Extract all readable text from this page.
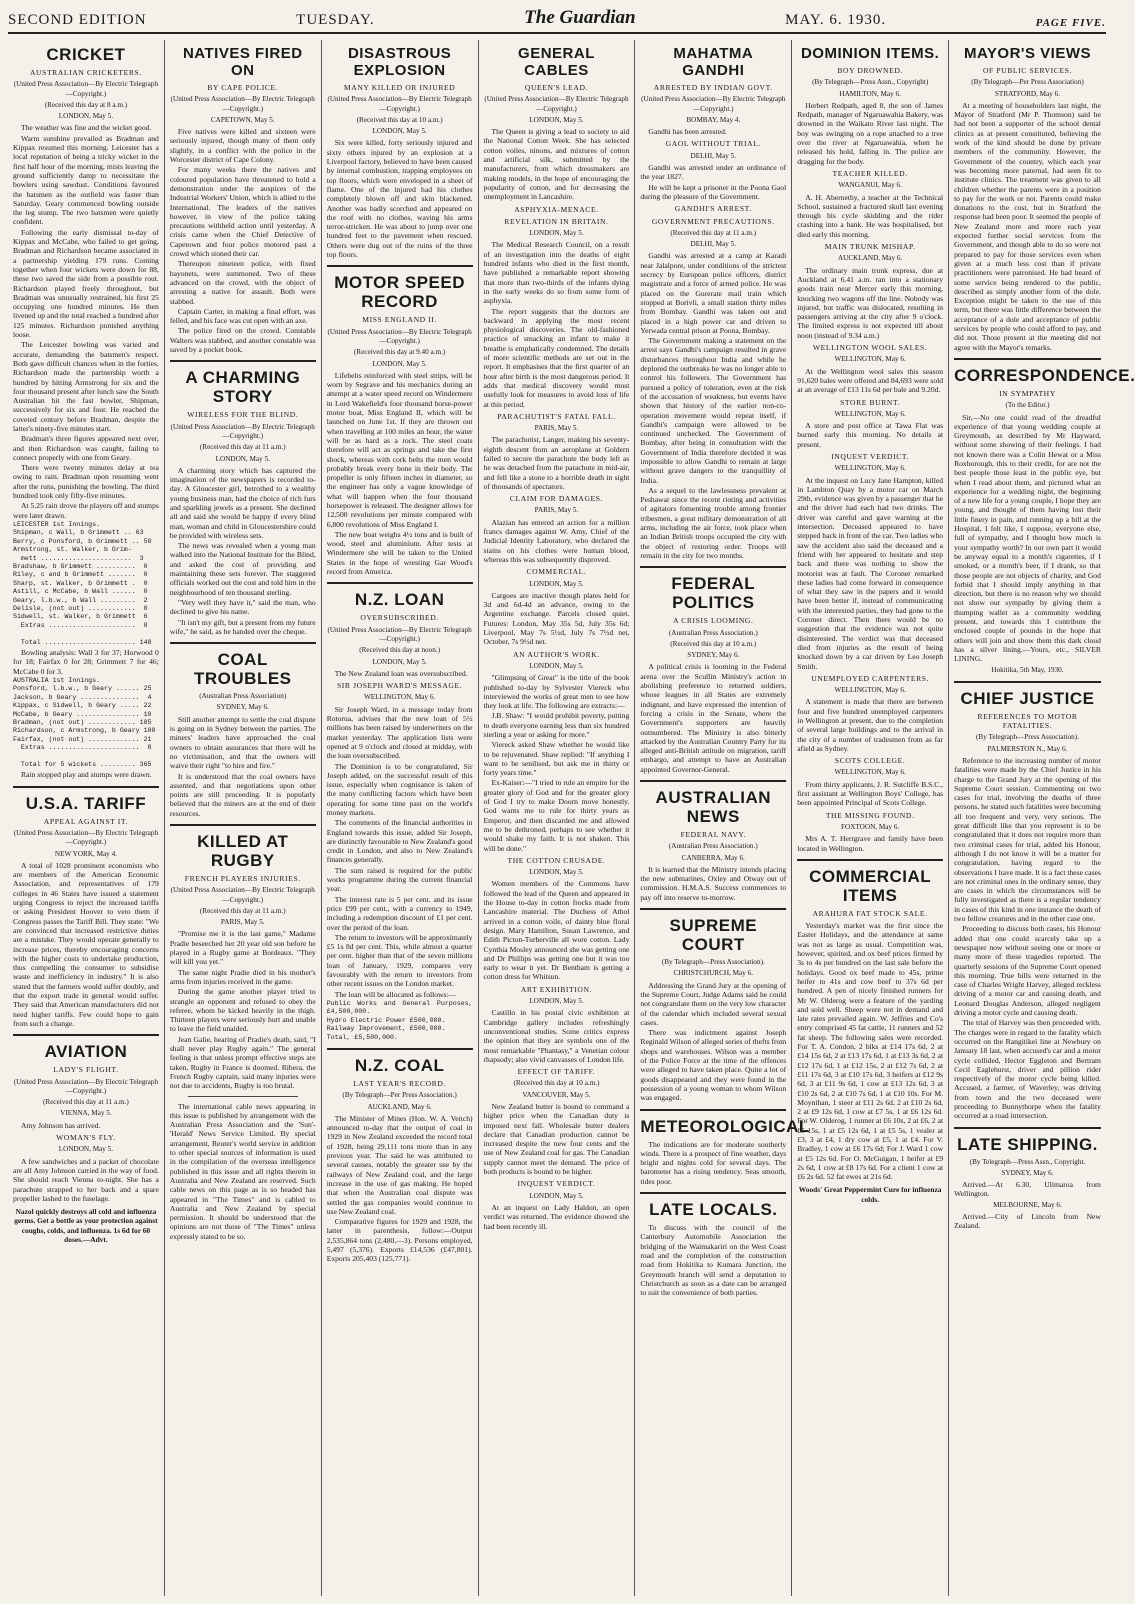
SECOND EDITION	TUESDAY.	The Guardian	MAY. 6. 1930.	PAGE FIVE.
CRICKET
AUSTRALIAN CRICKETERS.
(United Press Association—By Electric Telegraph—Copyright.)
(Received this day at 8 a.m.)
LONDON, May 5.

The weather was fine and the wicket good.

Warm sunshine prevailed as Bradman and Kippax resumed this morning. Leicester has a local reputation of being a tricky wicket in the first half hour of the morning, mists leaving the ground sufficiently damp to necessitate the bowlers using sawdust. Conditions favoured the batsmen as the outfield was faster than Saturday. Geary commenced bowling outside the leg stump. The two batsmen were quietly confident.

Following the early dismissal to-day of Kippax and McCabe, who failed to get going, Bradman and Richardson became associated in a partnership yielding 179 runs. Coming together when four wickets were down for 88, these two saved the side from a possible rout. Richardson played freely throughout, but Bradman was unusually restrained, his first 25 occupying one hundred minutes. He then livened up and the total reached a hundred after 125 minutes. Richardson punished anything loose.

The Leicester bowling was varied and accurate, demanding the batsmen's respect. Both gave difficult chances when in the forties. Richardson made the partnership worth a hundred by hitting Armstrong for six and the four thousand present after lunch saw the South Australian hit the fast bowler, Shipman, successively for six and four. He reached the coveted century before Bradman, despite the latter's ninety-five minutes start.

Bradman's three figures appeared next over, and then Richardson was caught, failing to connect properly with one from Geary.

There were twenty minutes delay at tea owing to rain. Bradman upon resuming went after the runs, punishing the bowling. The third hundred took only fifty-five minutes.

At 5.25 rain drove the players off and stumps were later drawn.

LEICESTER 1st Innings.
Shipman, c Wall, b Grimmett .. 63
Berry, c Ponsford, b Grimmett .. 50
Armstrong, st. Walker, b Grim-
mett .......................  3
Bradshaw, b Grimmett ..........  0
Riley, c and b Grimmett .......  0
Sharp, st. Walker, b Grimmett .  0
Astill, c McCabe, b Wall ......  0
Geary, l.b.w., b Wall .........  2
Delisle, (not out) ............  0
Sidwell, st. Walker, b Grimmett  6
Extras ......................  8

Total ....................... 148

Bowling analysis: Wall 3 for 37; Horwood 0 for 18; Fairfax 0 for 28; Grimmett 7 for 46; McCabe 0 for 3.

AUSTRALIA 1st Innings.
Ponsford, l.b.w., b Geary ...... 25
Jackson, b Geary ...............  4
Kippax, c Sidwell, b Geary ..... 22
McCabe, b Geary ................ 10
Bradman, (not out) ............ 185
Richardson, c Armstrong, b Geary 100
Fairfax, (not out) ............. 21
Extras .......................  8

Total for 5 wickets ......... 365

Rain stopped play and stumps were drawn.

U.S.A. TARIFF
APPEAL AGAINST IT.
(United Press Association—By Electric Telegraph—Copyright.)
NEW YORK, May 4.

A total of 1028 prominent economists who are members of the American Economic Association, and representatives of 179 colleges in 46 States have issued a statement urging Congress to reject the increased tariffs or asking President Hoover to veto them if Congress passes the Tariff Bill. They state: "We are convinced that increased restrictive duties are a mistake. They would operate generally to increase prices, thereby encouraging concerns with the higher costs to undertake production, thus compelling the consumer to subsidise waste and inefficiency in industry." It is also stated that the farmers would suffer doubly, and that the export trade in general would suffer. They said that American manufacturers did not need higher tariffs. Few could hope to gain from such a change.

AVIATION
LADY'S FLIGHT.
(United Press Association—By Electric Telegraph—Copyright.)
(Received this day at 11 a.m.)
VIENNA, May 5.

Amy Johnson has arrived.

WOMAN'S FLY.
LONDON, May 5.

A few sandwiches and a packet of chocolate are all Amy Johnson carried in the way of food. She should reach Vienna to-night. She has a parachute strapped to her back and a spare propeller lashed to the fuselage.

Nazol quickly destroys all cold and influenza germs. Get a bottle as your protection against coughs, colds, and influenza. 1s 6d for 60 doses.—Advt.
NATIVES FIRED ON
BY CAPE POLICE.
(United Press Association—By Electric Telegraph—Copyright.)
CAPETOWN, May 5.

Five natives were killed and sixteen were seriously injured, though many of them only slightly, in a conflict with the police in the Worcester district of Cape Colony.

For many weeks there the natives and coloured population have threatened to hold a demonstration under the auspices of the Industrial Workers' Union, which is allied to the International. The leaders of the natives however, in view of the police taking precautions withheld action until yesterday. A crisis came when the Chief Detective of Capetown and four police motored past a crowd which stoned their car.

Thereupon nineteen police, with fixed bayonets, were summoned. Two of these advanced on the crowd, with the object of arresting a native for assault. Both were stabbed.

Captain Carter, in making a final effort, was felled, and his face was cut open with an axe.

The police fired on the crowd. Constable Walters was stabbed, and another constable was saved by a pocket book.

A CHARMING STORY
WIRELESS FOR THE BLIND.
(United Press Association—By Electric Telegraph—Copyright.)
(Received this day at 11 a.m.)
LONDON, May 5.

A charming story which has captured the imagination of the newspapers is recorded to-day. A Gloucester girl, betrothed to a wealthy young business man, had the choice of rich furs and sparkling jewels as a present. She declined all and said she would be happy if every blind man, woman and child in Gloucestershire could be provided with wireless sets.

The news was revealed when a young man walked into the National Institute for the Blind, and asked the cost of providing and maintaining these sets forever. The staggered officials worked out the cost and told him in the neighbourhood of ten thousand sterling.

"Very well they have it," said the man, who declined to give his name.

"It isn't my gift, but a present from my future wife," he said, as he handed over the cheque.

COAL TROUBLES
(Australian Press Association)
SYDNEY, May 6.

Still another attempt to settle the coal dispute is going on in Sydney between the parties. The miners' leaders have approached the coal owners to obtain assurances that there will be no victimisation, and that the owners will waive their right "to hire and fire."

It is understood that the coal owners have assented, and that negotiations upon other points are still proceeding. It is popularly believed that the miners are at the end of their resources.

KILLED AT RUGBY
FRENCH PLAYERS INJURIES.
(United Press Association—By Electric Telegraph—Copyright.)
(Received this day at 11 a.m.)
PARIS, May 5.

"Promise me it is the last game," Madame Pradie beseeched her 20 year old son before he played in a Rugby game at Bordeaux. "They will kill you yet."

The same night Pradie died in his mother's arms from injuries received in the game.

During the game another player tried to strangle an opponent and refused to obey the referee, whom he kicked heavily in the thigh. Thirteen players were seriously hurt and unable to leave the field unaided.

Jean Galie, hearing of Pradie's death, said, "I shall never play Rugby again." The general feeling is that unless prompt effective steps are taken, Rugby in France is doomed. Ribera, the French Rugby captain, said many injuries were not due to accidents, Rugby is too brutal.

The international cable news appearing in this issue is published by arrangement with the Australian Press Association and the 'Sun'-'Herald' News Service Limited. By special arrangement, Reuter's world service in addition to other special sources of information is used in the compilation of the overseas intelligence published in this issue and all rights therein in Australia and New Zealand are reserved. Such cable news on this page as is so headed has appeared in "The Times" and is cabled to Australia and New Zealand by special permission. It should be understood that the opinions are not those of "The Times" unless expressly stated to be so.

DISASTROUS EXPLOSION
MANY KILLED OR INJURED
(United Press Association—By Electric Telegraph—Copyright.)
(Received this day at 10 a.m.)
LONDON, May 5.

Six were killed, forty seriously injured and sixty others injured by an explosion at a Liverpool factory, believed to have been caused by internal combustion, trapping employees on top floors, which were enveloped in a sheet of flame. One of the injured had his clothes completely blown off and skin blackened. Another was badly scorched and appeared on the roof with no clothes, waving his arms terror-stricken. He was about to jump over one hundred feet to the pavement when rescued. Others were dug out of the ruins of the three top floors.

MOTOR SPEED RECORD
MISS ENGLAND II.
(United Press Association—By Electric Telegraph—Copyright.)
(Received this day at 9.40 a.m.)
LONDON, May 5.

Lifebelts reinforced with steel strips, will be worn by Segrave and his mechanics during an attempt at a water speed record on Windermere in Lord Wakefield's four thousand horse-power motor boat, Miss England II, which will be launched on June 1st. If they are thrown out when travelling at 100 miles an hour, the water will be as hard as a rock. The steel coats therefore will act as springs and take the first shock, whereas with cork belts the men would probably break every bone in their body. The propeller is only fifteen inches in diameter, so the engineer has only a vague knowledge of what will happen when the four thousand horsepower is released. The designer allows for 12,500 revolutions per minute compared with 6,800 revolutions of Miss England I.

The new boat weighs 4½ tons and is built of wood, steel and aluminium. After tests at Windermere she will be taken to the United States in the hope of wresting Gar Wood's record from America.

N.Z. LOAN
OVERSUBSCRIBED.
(United Press Association—By Electric Telegraph—Copyright.)
(Received this day at noon.)
LONDON, May 5.

The New Zealand loan was oversubscribed.

SIR JOSEPH WARD'S MESSAGE.
WELLINGTON, May 6.

Sir Joseph Ward, in a message today from Rotorua, advises that the new loan of 5½ millions has been raised by underwriters on the market yesterday. The application lists were opened at 9 o'clock and closed at midday, with the loan oversubscribed.

The Dominion is to be congratulated, Sir Joseph added, on the successful result of this issue, especially when cognisance is taken of the many conflicting factors which have been operating for some time past on the world's money markets.

The comments of the financial authorities in England towards this issue, added Sir Joseph, are distinctly favourable to New Zealand's good credit in London, and also to New Zealand's finances generally.

The sum raised is required for the public works programme during the current financial year.

The interest rate is 5 per cent. and its issue price £99 per cent., with a currency to 1949, including a redemption discount of £1 per cent. over the period of the loan.

The return to investors will be approximately £5 1s 8d per cent. This, while almost a quarter per cent. higher than that of the seven millions loan of January, 1929, compares very favourably with the return to investors from other recent issues on the London market.

The loan will be allocated as follows:—

Public Works and General Purposes, £4,500,000.
Hydro Electric Power £500,000.
Railway Improvement, £500,000.
Total, £5,500,000.
N.Z. COAL
LAST YEAR'S RECORD.
(By Telegraph—Per Press Association.)
AUCKLAND, May 6.

The Minister of Mines (Hon. W. A. Veitch) announced to-day that the output of coal in 1929 in New Zealand exceeded the record total of 1928, being 29,111 tons more than in any previous year. The said he was attributed to several causes, notably the greater use by the railways of New Zealand coal, and the large increase in the use of gas making. He hoped that when the Australian coal dispute was settled the gas companies would continue to use New Zealand coal.

Comparative figures for 1929 and 1928, the latter in parenthesis, follow:—Output 2,535,864 tons (2,480,—3). Persons employed, 5,497 (5,376). Exports £14,536 (£47,801). Exports 205,403 (125,771).

GENERAL CABLES
QUEEN'S LEAD.
(United Press Association—By Electric Telegraph—Copyright.)
LONDON, May 5.

The Queen is giving a lead to society to aid the National Cotton Week. She has selected cotton voiles, ninons, and mixtures of cotton and artificial silk, submitted by the manufacturers, from which dressmakers are making models, in the hope of encouraging the popularity of cotton, and for decreasing the unemployment in Lancashire.

ASPHYXIA-MENACE.
REVELATION IN BRITAIN.
LONDON, May 5.

The Medical Research Council, on a result of an investigation into the deaths of eight hundred infants who died in the first month, have published a remarkable report showing that more than two-thirds of the infants dying in the early weeks do so from some form of asphyxia.

The report suggests that the doctors are backward in applying the most recent physiological discoveries. The old-fashioned practice of smacking an infant to make it breathe is emphatically condemned. The details of more scientific methods are set out in the report. It emphasises that the first quarter of an hour after birth is the most dangerous period. It adds that medical discovery would most usefully look for measures to avoid loss of life at this period.

PARACHUTIST'S FATAL FALL.
PARIS, May 5.

The parachutist, Langer, making his seventy-eighth descent from an aeroplane at Goldern failed to secure the parachute the body left as he was detached from the parachute in mid-air, and fell like a stone to a horrible death in sight of thousands of spectators.

CLAIM FOR DAMAGES.
PARIS, May 5.

Alazian has entered an action for a million francs damages against W. Amy, Chief of the Judicial Identity Laboratory, who declared the stains on his clothes were human blood, whereas this was subsequently disproved.

COMMERCIAL.
LONDON, May 5.

Cargoes are inactive though plates held for 3d and 6d-4d an advance, owing to the Argentine exchange. Parcels closed quiet. Futures: London, May 35s 5d, July 35s 6d; Liverpool, May 7s 5½d, July 7s 7½d net, October, 7s 9½d net.

AN AUTHOR'S WORK.
LONDON, May 5.

"Glimpsing of Great" is the title of the book published to-day by Sylvester Viereck who interviewed the works of great men to see how they look at life. The following are extracts:—

J.B. Shaw: "I would prohibit poverty, putting to death everyone earning less than six hundred sterling a year or asking for more."

Viereck asked Shaw whether he would like to be rejuvenated. Shaw replied: "If anything I want to be senilised, but ask me in thirty or forty years time."

Ex-Kaiser:—"I tried to rule an empire for the greater glory of God and for the greater glory of God I try to make Doorn move honestly. God wants me to rule for thirty years as Emperor, and then discarded me and allowed me to be dethroned, perhaps to see whether it would shake my faith. It is not shaken. This will be done."

THE COTTON CRUSADE.
LONDON, May 5.

Women members of the Commons have followed the lead of the Queen and appeared in the House to-day in cotton frocks made from Lancashire material. The Duchess of Athol arrived in a cotton voile, of dainty blue floral design. Mary Hamilton, Susan Lawrence, and Edith Picton-Turberville all wore cotton. Lady Cynthia Mosley announced she was getting one and Dr Phillips was getting one but it was too early to wear it yet. Dr Bentham is getting a cotton dress for Whitsun.

ART EXHIBITION.
LONDON, May 5.

Castillo in his postal civic exhibition at Cambridge gallery includes refreshingly unconventional studies. Some critics express the opinion that they are symbols one of the most remarkable "Phantasy," a Venetian colour rhapsody; also vivid canvasses of London life.

EFFECT OF TARIFF.
(Received this day at 10 a.m.)
VANCOUVER, May 5.

New Zealand butter is bound to command a higher price when the Canadian duty is imposed next fall. Wholesale butter dealers declare that Canadian production cannot be increased despite the new four cents and the use of New Zealand coal for gas. The Canadian supply cannot meet the demand. The price of both products is bound to be higher.

INQUEST VERDICT.
LONDON, May 5.

At an inquest on Lady Haldon, an open verdict was returned. The evidence showed she had been recently ill.

MAHATMA GANDHI
ARRESTED BY INDIAN GOVT.
(United Press Association—By Electric Telegraph—Copyright.)
BOMBAY, May 4.

Gandhi has been arrested.

GAOL WITHOUT TRIAL.
DELHI, May 5.

Gandhi was arrested under an ordinance of the year 1827.

He will be kept a prisoner in the Poona Gaol during the pleasure of the Government.

GANDHI'S ARREST.
GOVERNMENT PRECAUTIONS.
(Received this day at 11 a.m.)
DELHI, May 5.

Gandhi was arrested at a camp at Karadi near Jalalpore, under conditions of the strictest secrecy by European police officers, district magistrate and a force of armed police. He was placed on the Gurerate mail train which stopped at Borivli, a small station thirty miles from Bombay. Gandhi was taken out and placed in a high power car and driven to Yerwada central prison at Poona, Bombay.

The Government making a statement on the arrest says Gandhi's campaign resulted in grave disturbances throughout India and while he deplored the outbreaks he was no longer able to control his followers. The Government has pursued a policy of toleration, even at the risk of the accusation of weakness, but events have shown that history of the earlier non-co-operation movement would repeat itself, if Gandhi's campaign were allowed to be continued unchecked. The Government of Bombay, after being in consultation with the Government of India therefore decided it was impossible to allow Gandhi to remain at large without grave dangers to the tranquillity of India.

As a sequel to the lawlessness prevalent at Peshawar since the recent rioting and activities of agitators fomenting trouble among frontier tribesmen, a great military demonstration of all arms, including the air force, took place when an Indian British troops occupied the city with the object of restoring order. Troops will remain in the city for two months.

FEDERAL POLITICS
A CRISIS LOOMING.
(Australian Press Association.)
(Received this day at 10 a.m.)
SYDNEY, May 6.

A political crisis is looming in the Federal arena over the Scullin Ministry's action in abolishing preference to returned soldiers, whose leagues in all States are extremely indignant, and have expressed the intention of forcing a crisis in the Senate, where the Government's supporters are heavily outnumbered. The Ministry is also bitterly attacked by the Australian Country Party for its alleged anti-British attitude on migration, tariff embargo, and attempt to have an Australian appointed Governor-General.

AUSTRALIAN NEWS
FEDERAL NAVY.
(Australian Press Association.)
CANBERRA, May 6.

It is learned that the Ministry intends placing the new submarines, Oxley and Otway out of commission. H.M.A.S. Success commences to pay off into reserve to-morrow.

SUPREME COURT
(By Telegraph—Press Association).
CHRISTCHURCH, May 6.

Addressing the Grand Jury at the opening of the Supreme Court, Judge Adams said he could not congratulate them on the very low character of the calendar which included several sexual cases.

There was indictment against Joseph Reginald Wilson of alleged series of thefts from shops and warehouses. Wilson was a member of the Police Force at the time of the offences were alleged to have taken place. Quite a lot of goods disappeared and they were found in the possession of a young woman to whom Wilson was engaged.

METEOROLOGICAL

The indications are for moderate southerly winds. There is a prospect of fine weather, days bright and nights cold for several days. The barometer has a rising tendency. Seas smooth, tides poor.

LATE LOCALS.

To discuss with the council of the Canterbury Automobile Association the bridging of the Waimakariri on the West Coast road and the completion of the construction road from Hokitika to Kumara Junction, the Greymouth branch will send a deputation to Christchurch as soon as a date can be arranged to suit the convenience of both parties.

DOMINION ITEMS.
BOY DROWNED.
(By Telegraph—Press Assn., Copyright)
HAMILTON, May 6.

Herbert Redpath, aged 8, the son of James Redpath, manager of Ngaruawahia Bakery, was drowned in the Waikato River last night. The boy was swinging on a rope attached to a tree over the river at Ngaruawahia, when he released his hold, falling in. The police are dragging for the body.

TEACHER KILLED.
WANGANUI, May 6.

A. H. Abernethy, a teacher at the Technical School, sustained a fractured skull last evening through his cycle skidding and the rider crashing into a bank. He was hospitalised, but died early this morning.

MAIN TRUNK MISHAP.
AUCKLAND, May 6.

The ordinary main trunk express, due at Auckland at 6.41 a.m. ran into a stationary goods train near Mercer early this morning, knocking two wagons off the line. Nobody was injured, but traffic was dislocated, resulting in passengers arriving at the city after 9 o'clock. The limited express is not expected till about noon (instead of 9.34 a.m.)

WELLINGTON WOOL SALES.
WELLINGTON, May 6.

At the Wellington wool sales this season 91,620 bales were offered and 84,693 were sold at an average of £13 11s 6d per bale and 9.20d.

STORE BURNT.
WELLINGTON, May 6.

A store and post office at Tawa Flat was burned early this morning. No details at present.

INQUEST VERDICT.
WELLINGTON, May 6.

At the inquest on Lucy Jane Hampton, killed in Lambton Quay by a motor car on March 29th, evidence was given by a passenger that he and the driver had each had two drinks. The driver was careful and gave warning at the intersection. Deceased appeared to have stepped back in front of the car. Two ladies who saw the accident also said the deceased and a friend with her appeared to hesitate and step back and there was nothing to show the motorist was at fault. The Coroner remarked these ladies had come forward in consequence of what they saw in the papers and it would have been better if, instead of communicating with the interested parties, they had gone to the Coroner direct. Then there would be no suggestion that the evidence was not quite disinterested. The verdict was that deceased died from injuries as the result of being knocked down by a car driven by Leo Joseph Smith.

UNEMPLOYED CARPENTERS.
WELLINGTON, May 6.

A statement is made that there are between four and five hundred unemployed carpenters in Wellington at present, due to the completion of several large buildings and to the arrival in the city of a number of tradesmen from as far afield as Sydney.

SCOTS COLLEGE.
WELLINGTON, May 6.

From thirty applicants, J. R. Sutcliffe B.S.C., first assistant at Wellington Boys' College, has been appointed Principal of Scots College.

THE MISSING FOUND.
FOXTOON, May 6.

Mrs A. T. Herrgrave and family have been located in Wellington.

COMMERCIAL ITEMS
ARAHURA FAT STOCK SALE.

Yesterday's market was the first since the Easter Holidays, and the attendance at same was not as large as usual. Competition was, however, spirited, and ox beef prices firmed by 3s to 4s per hundred on the last sale before the holidays. Good ox beef made to 45s, prime heifer to 41s and cow beef to 37s 6d per hundred. A pen of nicely finished runners for Mr W. Olderog were a feature of the yarding and sold well. Sheep were not in demand and late rates prevailed again. W. Jeffries and Co's entry comprised 45 fat cattle, 11 runners and 52 fat sheep. The following sales were recorded. For T. A. Condon, 2 blks at £14 17s 6d, 2 at £14 15s 6d, 2 at £13 17s 6d, 1 at £13 3s 6d, 2 at £12 17s 6d, 1 at £12 15s, 2 at £12 7s 6d, 2 at £11 17s 6d, 3 at £10 17s 6d, 3 heifers at £12 9s 6d, 3 at £11 9s 6d, 1 cow at £13 12s 6d, 3 at £10 2s 6d, 2 at £10 7s 6d, 1 at £10 10s. For M. Moynihan, 1 steer at £11 2s 6d, 2 at £10 2s 6d, 2 at £9 12s 6d, 1 cow at £7 5s, 1 at £6 12s 6d. For W. Olderog, 1 runner at £6 10s, 2 at £6, 2 at £5 15s, 1 at £5 12s 6d, 1 at £5 5s, 1 vealer at £3, 3 at £4, 1 dry cow at £5, 1 at £4. For V. Bradley, 1 cow at £6 17s 6d; For J. Ward 1 cow at £5 12s 6d. For O. McGuigan, 1 heifer at £9 2s 6d, 1 cow at £8 17s 6d. For a client 1 cow at £6 2s 6d. 52 fat ewes at 21s 6d.

Woods' Great Peppermint Cure for influenza colds.
MAYOR'S VIEWS
OF PUBLIC SERVICES.
(By Telegraph—Per Press Association)
STRATFORD, May 6.

At a meeting of householders last night, the Mayor of Stratford (Mr P. Thomson) said he had not been a supporter of the school dental clinics as at present constituted, believing the work of the kind should be done by private members of the community. However, the Government of the country, which each year was becoming more paternal, had seen fit to institute clinics. The treatment was given to all children whether the parents were in a position to pay for the work or not. Parents could make donations to the cost, but in Stratford the response had been poor. It seemed the people of New Zealand more and more each year expected further social services from the Government, and though able to do so were not prepared to pay for those services even when given at a much less cost than if private practitioners were patronised. He had heard of some service being rendered to the public, described as simply another form of the dole. Exception might be taken to the use of this term, but there was little difference between the acceptance of a dole and acceptance of public services by people who could afford to pay, and did not. Those present at the meeting did not agree with the Mayor's remarks.

CORRESPONDENCE.
IN SYMPATHY
(To the Editor.)

Sir,—No one could read of the dreadful experience of that young wedding couple at Greymouth, as described by Mr Hayward, without some showing of their feelings. I had not known there was a Colin Hewat or a Miss Roxborough, this to their credit, for are not the best people those least in the public eye, but when I read about them, and pictured what an experience for a wedding night, the beginning of a new life for a young couple, I hope they are young, and thought of them having lost their little finery in pain, and running up a bill at the Hospital, I felt like, I suppose, everyone else, full of sympathy, and I thought how much is your sympathy worth? In our own part it would be anyway equal to a month's cigarettes, if I smoked, or a month's beer, if I drank, so that those people are not objects of charity, and God forbid that I should imply anything in that direction, but there is no reason why we should not show our sympathy by giving them a thumping wallet as a community wedding present, and towards this I contribute the enclosed couple of pounds in the hope that others will join and show them this dark cloud has a silver lining.—Yours, etc., SILVER LINING.

Hokitika, 5th May, 1930.
CHIEF JUSTICE
REFERENCES TO MOTOR FATALITIES.
(By Telegraph—Press Association).
PALMERSTON N., May 6.

Reference to the increasing number of motor fatalities were made by the Chief Justice in his charge to the Grand Jury at the opening of the Supreme Court session. Commenting on two cases for trial, involving the deaths of three persons, he stated such fatalities were becoming all too frequent and very, very serious. The great difficult like that you represent is to be congratulated that it does not require more than two criminal cases for trial, added his Honour, although I do not know it will be a matter for congratulation, having regard to the observations I have made. It is a fact these cases are not criminal ones in the ordinary sense, they are cases in which the circumstances will be fully investigated as there is a regular tendency in cases of this kind in one instance the death of two fellow creatures and in the other case one.

Proceeding to discuss both cases, his Honour added that one could scarcely take up a newspaper now without seeing one or more or many more of these tragedies reported. The quarterly sessions of the Supreme Court opened this morning. True bills were returned in the case of Charles Wright Harvey, alleged reckless driving of a motor car and causing death, and Leonard Douglas Anderson, alleged negligent driving a motor cycle and causing death.

The trial of Harvey was then proceeded with. The charges were in regard to the fatality which occurred on the Rangitikei line at Newbury on January 18 last, when accused's car and a motor cycle collided, Hector Eggleton and Bertram Cecil Eaglehurst, driver and pillion rider respectively of the motor cycle being killed. Accused, a farmer, of Waverley, was driving from town and the two deceased were proceeding to Bunnythorpe when the fatality occurred at a road intersection.

LATE SHIPPING.
(By Telegraph—Press Assn., Copyright.
SYDNEY, May 6.

Arrived.—At 6.30, Ulimaroa from Wellington.

MELBOURNE, May 6.

Arrived.—City of Lincoln from New Zealand.
